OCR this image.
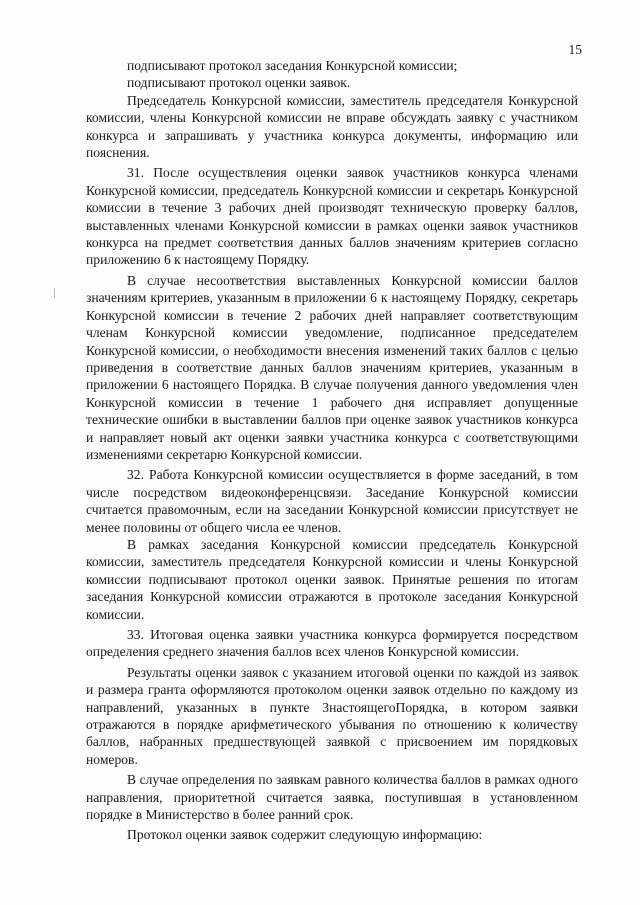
15

подписывают протокол заседания Конкурсной комиссии;

подписывают протокол оценки заявок.

Председатель Конкурсной комиссии, заместитель председателя Конкурсной комиссии, члены Конкурсной комиссии не вправе обсуждать заявку с участником конкурса и запрашивать у участника конкурса документы, информацию или пояснения.

31. После осуществления оценки заявок участников конкурса членами Конкурсной комиссии, председатель Конкурсной комиссии и секретарь Конкурсной комиссии в течение 3 рабочих дней производят техническую проверку баллов, выставленных членами Конкурсной комиссии в рамках оценки заявок участников конкурса на предмет соответствия данных баллов значениям критериев согласно приложению 6 к настоящему Порядку.

В случае несоответствия выставленных Конкурсной комиссии баллов значениям критериев, указанным в приложении 6 к настоящему Порядку, секретарь Конкурсной комиссии в течение 2 рабочих дней направляет соответствующим членам Конкурсной комиссии уведомление, подписанное председателем Конкурсной комиссии, о необходимости внесения изменений таких баллов с целью приведения в соответствие данных баллов значениям критериев, указанным в приложении 6 настоящего Порядка. В случае получения данного уведомления член Конкурсной комиссии в течение 1 рабочего дня исправляет допущенные технические ошибки в выставлении баллов при оценке заявок участников конкурса и направляет новый акт оценки заявки участника конкурса с соответствующими изменениями секретарю Конкурсной комиссии.

32. Работа Конкурсной комиссии осуществляется в форме заседаний, в том числе посредством видеоконференцсвязи. Заседание Конкурсной комиссии считается правомочным, если на заседании Конкурсной комиссии присутствует не менее половины от общего числа ее членов.

В рамках заседания Конкурсной комиссии председатель Конкурсной комиссии, заместитель председателя Конкурсной комиссии и члены Конкурсной комиссии подписывают протокол оценки заявок. Принятые решения по итогам заседания Конкурсной комиссии отражаются в протоколе заседания Конкурсной комиссии.

33. Итоговая оценка заявки участника конкурса формируется посредством определения среднего значения баллов всех членов Конкурсной комиссии.

Результаты оценки заявок с указанием итоговой оценки по каждой из заявок и размера гранта оформляются протоколом оценки заявок отдельно по каждому из направлений, указанных в пункте 3настоящегоПорядка, в котором заявки отражаются в порядке арифметического убывания по отношению к количеству баллов, набранных предшествующей заявкой с присвоением им порядковых номеров.

В случае определения по заявкам равного количества баллов в рамках одного направления, приоритетной считается заявка, поступившая в установленном порядке в Министерство в более ранний срок.

Протокол оценки заявок содержит следующую информацию:
